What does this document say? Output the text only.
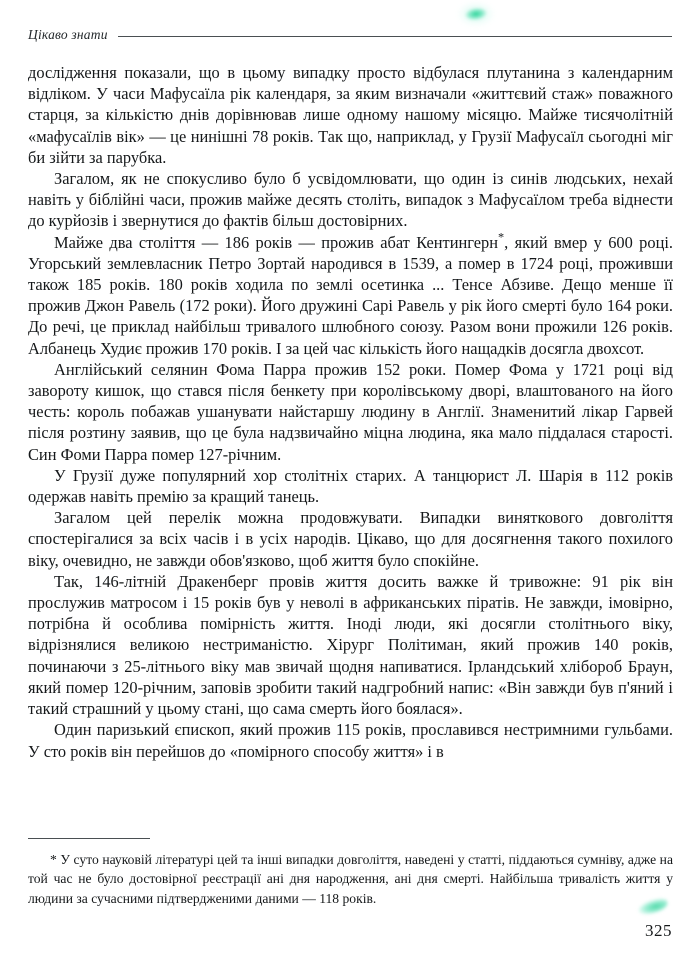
Цікаво знати

дослідження показали, що в цьому випадку просто відбулася плутанина з календарним відліком. У часи Мафусаїла рік календаря, за яким визначали «життєвий стаж» поважного старця, за кількістю днів дорівнював лише одному нашому місяцю. Майже тисячолітній «мафусаїлів вік» — це нинішні 78 років. Так що, наприклад, у Грузії Мафусаїл сьогодні міг би зійти за парубка.

Загалом, як не спокусливо було б усвідомлювати, що один із синів людських, нехай навіть у біблійні часи, прожив майже десять століть, випадок з Мафусаїлом треба віднести до курйозів і звернутися до фактів більш достовірних.

Майже два століття — 186 років — прожив абат Кентингерн*, який вмер у 600 році. Угорський землевласник Петро Зортай народився в 1539, а помер в 1724 році, проживши також 185 років. 180 років ходила по землі осетинка ... Тенсе Абзиве. Дещо менше її прожив Джон Равель (172 роки). Його дружині Сарі Равель у рік його смерті було 164 роки. До речі, це приклад найбільш тривалого шлюбного союзу. Разом вони прожили 126 років. Албанець Худиє прожив 170 років. І за цей час кількість його нащадків досягла двохсот.

Англійський селянин Фома Парра прожив 152 роки. Помер Фома у 1721 році від завороту кишок, що стався після бенкету при королівському дворі, влаштованого на його честь: король побажав ушанувати найстаршу людину в Англії. Знаменитий лікар Гарвей після розтину заявив, що це була надзвичайно міцна людина, яка мало піддалася старості. Син Фоми Парра помер 127-річним.

У Грузії дуже популярний хор столітніх старих. А танцюрист Л. Шарія в 112 років одержав навіть премію за кращий танець.

Загалом цей перелік можна продовжувати. Випадки виняткового довголіття спостерігалися за всіх часів і в усіх народів. Цікаво, що для досягнення такого похилого віку, очевидно, не завжди обов'язково, щоб життя було спокійне.

Так, 146-літній Дракенберг провів життя досить важке й тривожне: 91 рік він прослужив матросом і 15 років був у неволі в африканських піратів. Не завжди, імовірно, потрібна й особлива помірність життя. Іноді люди, які досягли столітнього віку, відрізнялися великою нестриманістю. Хірург Політиман, який прожив 140 років, починаючи з 25-літнього віку мав звичай щодня напиватися. Ірландський хлібороб Браун, який помер 120-річним, заповів зробити такий надгробний напис: «Він завжди був п'яний і такий страшний у цьому стані, що сама смерть його боялася».

Один паризький єпископ, який прожив 115 років, прославився нестримними гульбами. У сто років він перейшов до «помірного способу життя» і в

* У суто науковій літературі цей та інші випадки довголіття, наведені у статті, піддаються сумніву, адже на той час не було достовірної реєстрації ані дня народження, ані дня смерті. Найбільша тривалість життя у людини за сучасними підтвердженими даними — 118 років.

325
